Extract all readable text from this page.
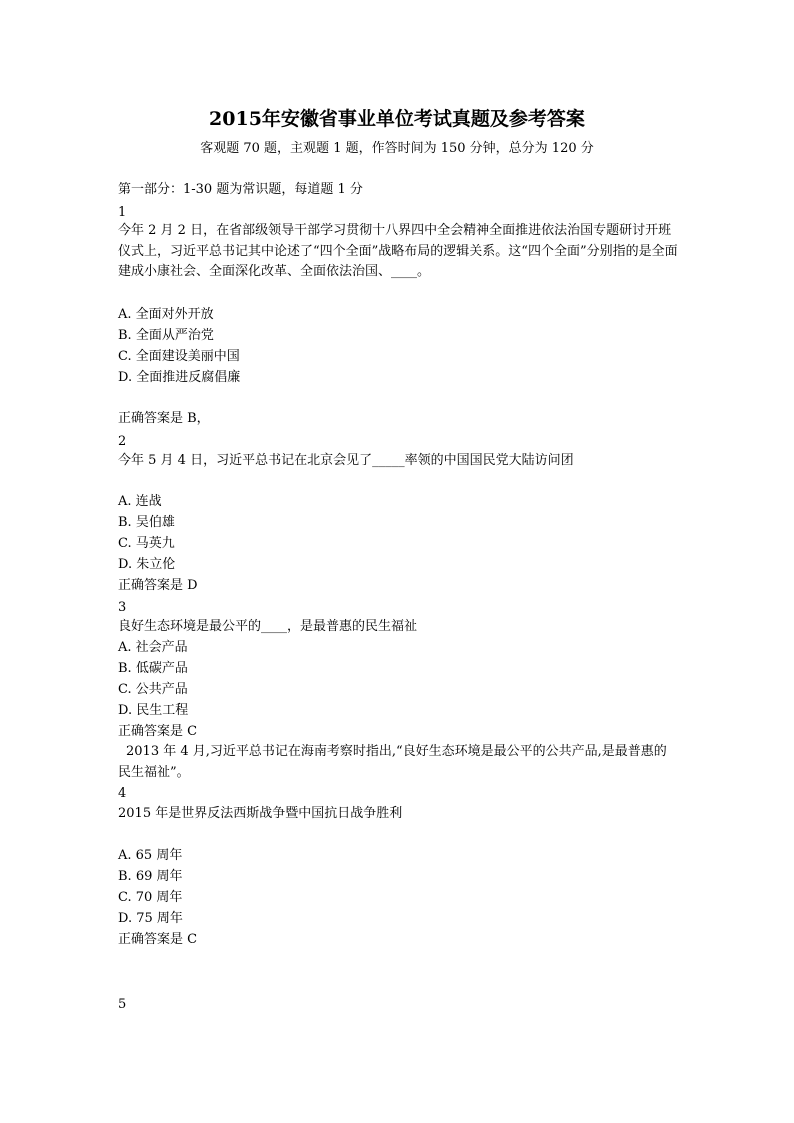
2015年安徽省事业单位考试真题及参考答案
客观题 70 题，主观题 1 题，作答时间为 150 分钟，总分为 120 分
第一部分：1-30 题为常识题，每道题 1 分
1
今年 2 月 2 日，在省部级领导干部学习贯彻十八界四中全会精神全面推进依法治国专题研讨开班仪式上，习近平总书记其中论述了“四个全面”战略布局的逻辑关系。这“四个全面”分别指的是全面建成小康社会、全面深化改革、全面依法治国、____。
A. 全面对外开放
B. 全面从严治党
C. 全面建设美丽中国
D. 全面推进反腐倡廉
正确答案是 B，
2
今年 5 月 4 日，习近平总书记在北京会见了_____率领的中国国民党大陆访问团
A. 连战
B. 吴伯雄
C. 马英九
D. 朱立伦
正确答案是 D
3
良好生态环境是最公平的____，是最普惠的民生福祉
A. 社会产品
B. 低碳产品
C. 公共产品
D. 民生工程
正确答案是 C
2013 年 4 月,习近平总书记在海南考察时指出,“良好生态环境是最公平的公共产品,是最普惠的民生福祉”。
4
2015 年是世界反法西斯战争暨中国抗日战争胜利
A. 65 周年
B. 69 周年
C. 70 周年
D. 75 周年
正确答案是 C
5
